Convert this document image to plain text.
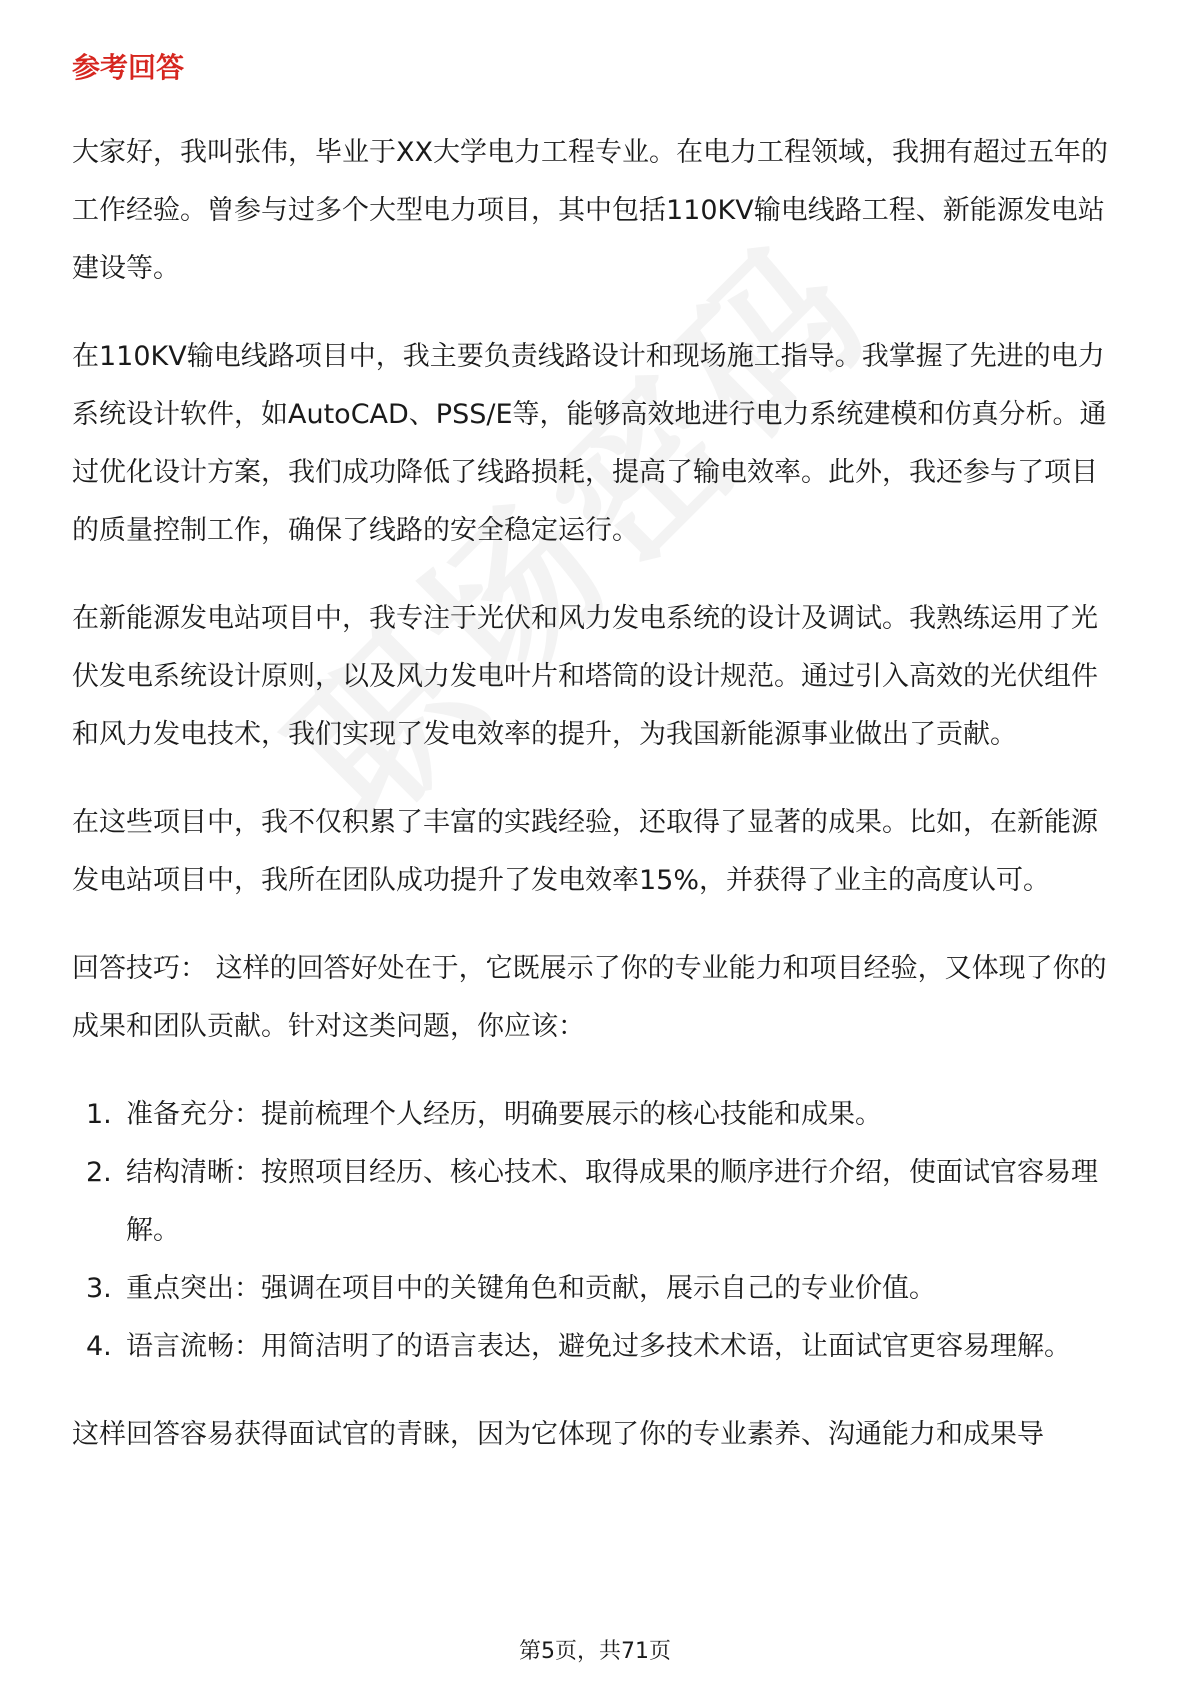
参考回答

大家好，我叫张伟，毕业于XX大学电力工程专业。在电力工程领域，我拥有超过五年的工作经验。曾参与过多个大型电力项目，其中包括110KV输电线路工程、新能源发电站建设等。

在110KV输电线路项目中，我主要负责线路设计和现场施工指导。我掌握了先进的电力系统设计软件，如AutoCAD、PSS/E等，能够高效地进行电力系统建模和仿真分析。通过优化设计方案，我们成功降低了线路损耗，提高了输电效率。此外，我还参与了项目的质量控制工作，确保了线路的安全稳定运行。

在新能源发电站项目中，我专注于光伏和风力发电系统的设计及调试。我熟练运用了光伏发电系统设计原则，以及风力发电叶片和塔筒的设计规范。通过引入高效的光伏组件和风力发电技术，我们实现了发电效率的提升，为我国新能源事业做出了贡献。

在这些项目中，我不仅积累了丰富的实践经验，还取得了显著的成果。比如，在新能源发电站项目中，我所在团队成功提升了发电效率15%，并获得了业主的高度认可。

回答技巧： 这样的回答好处在于，它既展示了你的专业能力和项目经验，又体现了你的成果和团队贡献。针对这类问题，你应该：

1. 准备充分：提前梳理个人经历，明确要展示的核心技能和成果。
2. 结构清晰：按照项目经历、核心技术、取得成果的顺序进行介绍，使面试官容易理解。
3. 重点突出：强调在项目中的关键角色和贡献，展示自己的专业价值。
4. 语言流畅：用简洁明了的语言表达，避免过多技术术语，让面试官更容易理解。

这样回答容易获得面试官的青睐，因为它体现了你的专业素养、沟通能力和成果导

第5页，共71页
